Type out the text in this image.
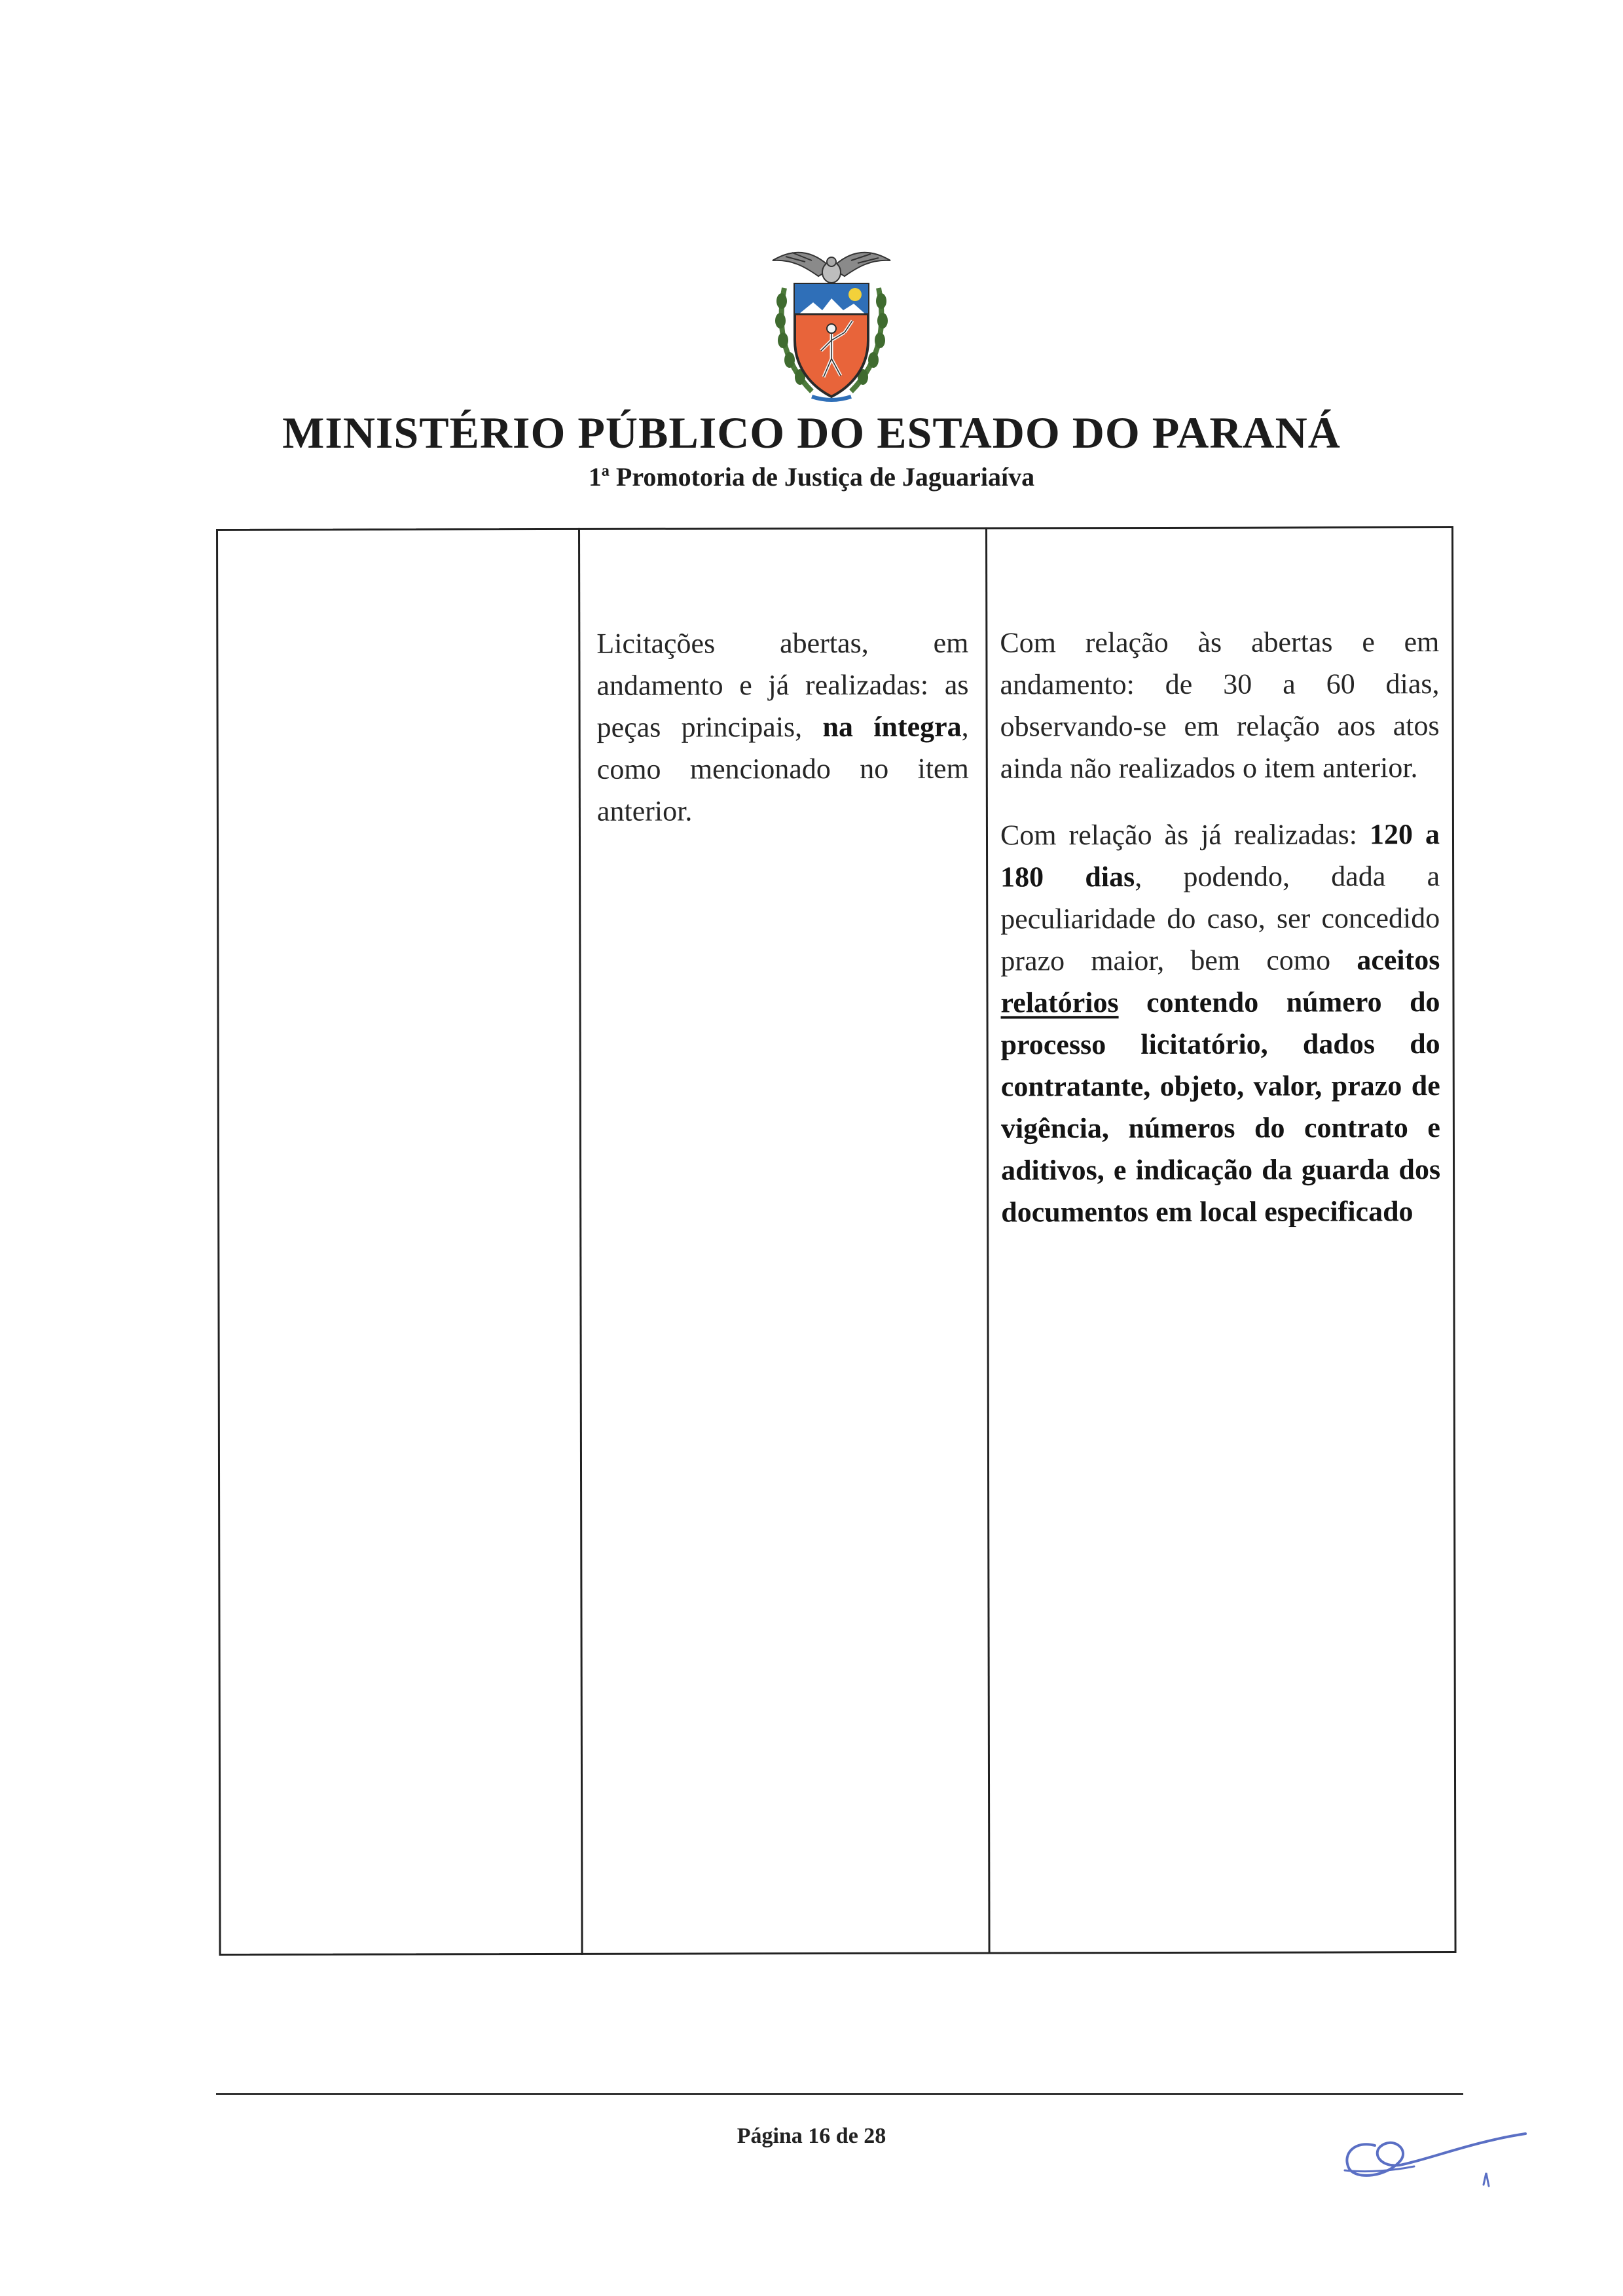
MINISTÉRIO PÚBLICO DO ESTADO DO PARANÁ
1ª Promotoria de Justiça de Jaguariaíva

Licitações abertas, em andamento e já realizadas: as peças principais, na íntegra, como mencionado no item anterior.

Com relação às abertas e em andamento: de 30 a 60 dias, observando-se em relação aos atos ainda não realizados o item anterior.

Com relação às já realizadas: 120 a 180 dias, podendo, dada a peculiaridade do caso, ser concedido prazo maior, bem como aceitos relatórios contendo número do processo licitatório, dados do contratante, objeto, valor, prazo de vigência, números do contrato e aditivos, e indicação da guarda dos documentos em local especificado

Página 16 de 28
